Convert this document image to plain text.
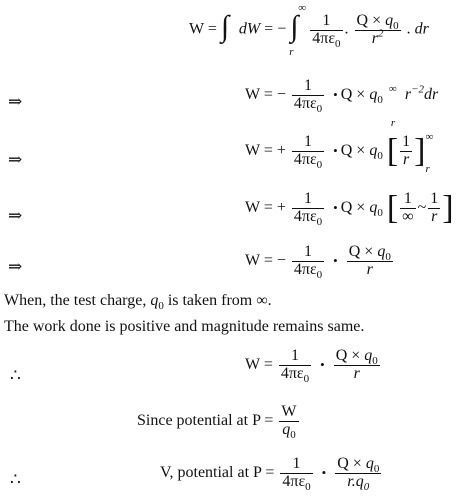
W = ∫ dW = − ∫
∞
r

$\frac{1}{4\pi\varepsilon_0}$ . $\frac{Q \times q_0}{r^2}$ . dr
⇒	W = − $\frac{1}{4\pi\varepsilon_0}$ • $Q \times q_0$
∞
r
$r^{-2}dr$
⇒	W = + $\frac{1}{4\pi\varepsilon_0}$ • $Q \times q_0$ [ $\frac{1}{r}$ ] ∞
r
⇒	W = + $\frac{1}{4\pi\varepsilon_0}$ • $Q \times q_0$ [ $\frac{1}{\infty}$ ~ $\frac{1}{r}$ ]
⇒	W = − $\frac{1}{4\pi\varepsilon_0}$ • $\frac{Q \times q_0}{r}$
When, the test charge, $q_0$ is taken from ∞.
The work done is positive and magnitude remains same.
∴
$W = \frac{1}{4\pi\varepsilon_0}$ • $\frac{Q \times q_0}{r}$
Since potential at $P = \frac{W}{q_0}$
∴	V, potential at $P = \frac{1}{4\pi\varepsilon_0}$ • $\frac{Q \times q_0}{r.q_0}$
